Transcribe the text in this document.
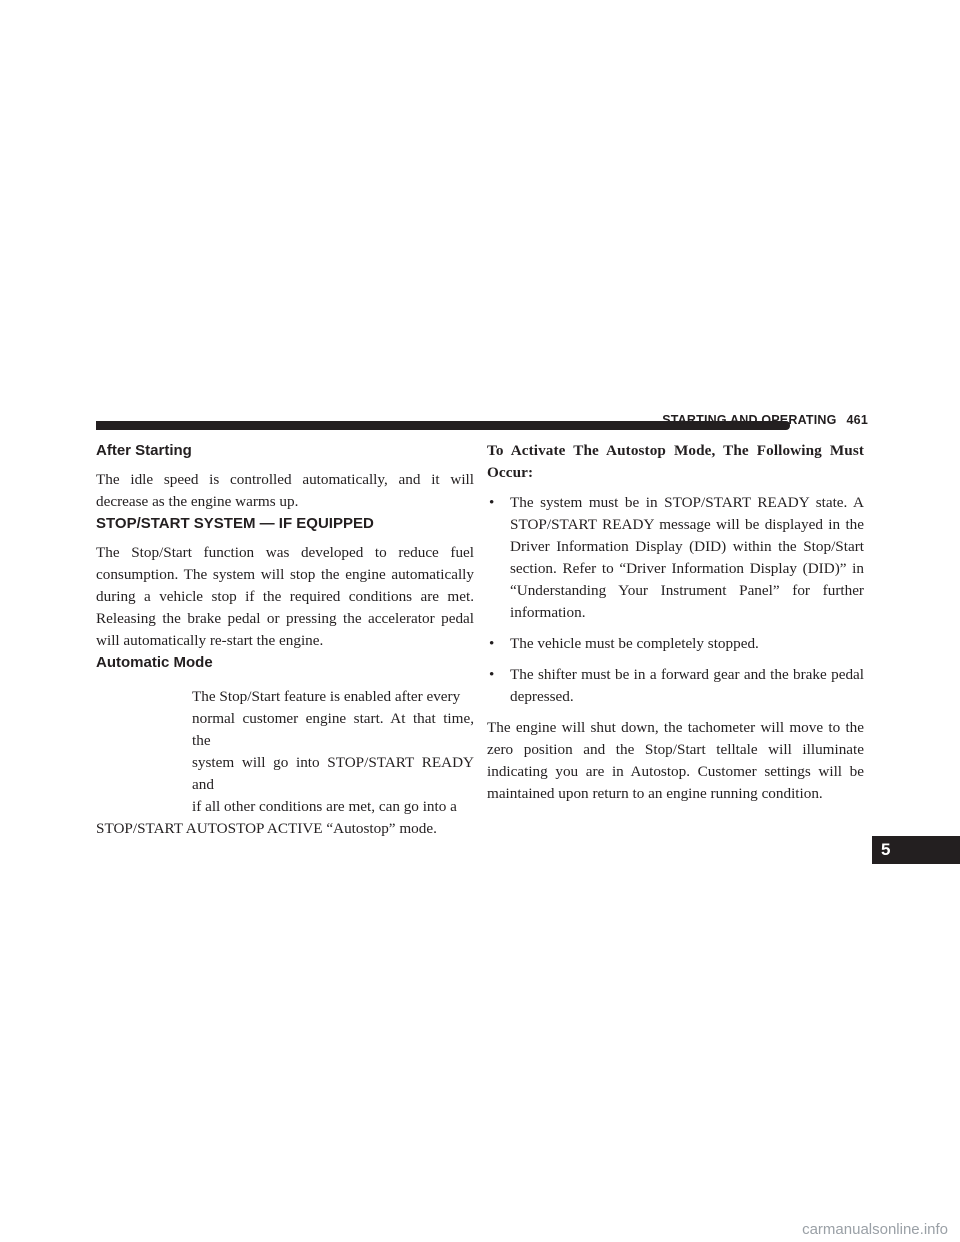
STARTING AND OPERATING 461
5
After Starting

The idle speed is controlled automatically, and it will decrease as the engine warms up.

STOP/START SYSTEM — IF EQUIPPED

The Stop/Start function was developed to reduce fuel consumption. The system will stop the engine automatically during a vehicle stop if the required conditions are met. Releasing the brake pedal or pressing the accelerator pedal will automatically re-start the engine.

Automatic Mode

The Stop/Start feature is enabled after every

normal customer engine start. At that time, the

system will go into STOP/START READY and

if all other conditions are met, can go into a

STOP/START AUTOSTOP ACTIVE “Autostop” mode.

To Activate The Autostop Mode, The Following Must Occur:
• The system must be in STOP/START READY state. A STOP/START READY message will be displayed in the Driver Information Display (DID) within the Stop/Start section. Refer to “Driver Information Display (DID)” in “Understanding Your Instrument Panel” for further information.
• The vehicle must be completely stopped.
• The shifter must be in a forward gear and the brake pedal depressed.

The engine will shut down, the tachometer will move to the zero position and the Stop/Start telltale will illuminate indicating you are in Autostop. Customer settings will be maintained upon return to an engine running condition.

carmanualsonline.info
